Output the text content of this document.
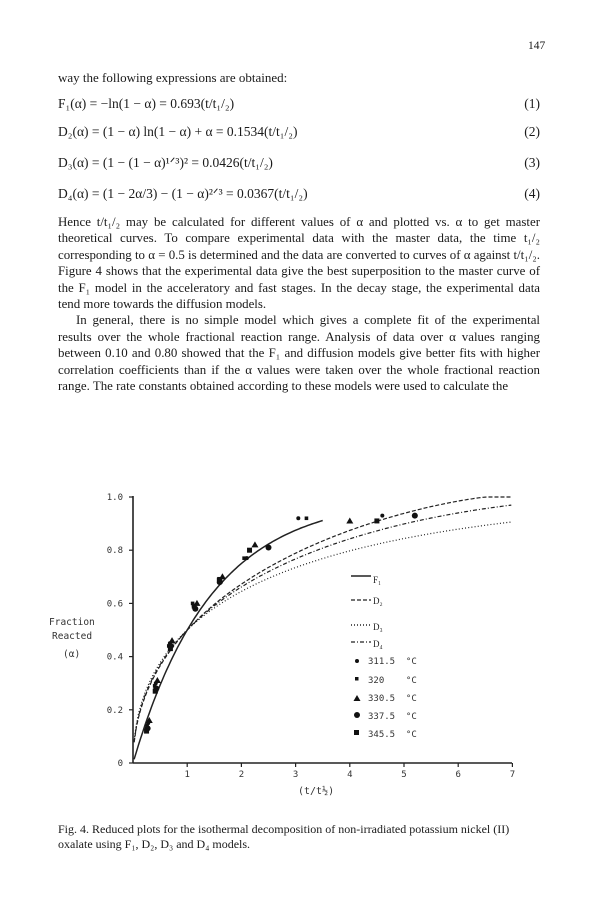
147
way the following expressions are obtained:
F₁(α) = −ln(1 − α) = 0.693(t/t₁/₂)	(1)
D₂(α) = (1 − α) ln(1 − α) + α = 0.1534(t/t₁/₂)	(2)
D₃(α) = (1 − (1 − α)¹ᐟ³)² = 0.0426(t/t₁/₂)	(3)
D₄(α) = (1 − 2α/3) − (1 − α)²ᐟ³ = 0.0367(t/t₁/₂)	(4)

Hence t/t₁/₂ may be calculated for different values of α and plotted vs. α to get master theoretical curves. To compare experimental data with the master data, the time t₁/₂ corresponding to α = 0.5 is determined and the data are converted to curves of α against t/t₁/₂. Figure 4 shows that the experimental data give the best superposition to the master curve of the F₁ model in the acceleratory and fast stages. In the decay stage, the experimental data tend more towards the diffusion models.

In general, there is no simple model which gives a complete fit of the experimental results over the whole fractional reaction range. Analysis of data over α values ranging between 0.10 and 0.80 showed that the F₁ and diffusion models give better fits with higher correlation coefficients than if the α values were taken over the whole fractional reaction range. The rate constants obtained according to these models were used to calculate the

0
0.2
0.4
0.6
0.8
1.0
1	2	3	4	5	6	7
Fraction
Reacted
(α)
(t/t½)
F₁
D₂
D₃
D₄
311.5  °C
320    °C
330.5  °C
337.5  °C
345.5  °C
Fig. 4. Reduced plots for the isothermal decomposition of non-irradiated potassium nickel (II) oxalate using F₁, D₂, D₃ and D₄ models.
